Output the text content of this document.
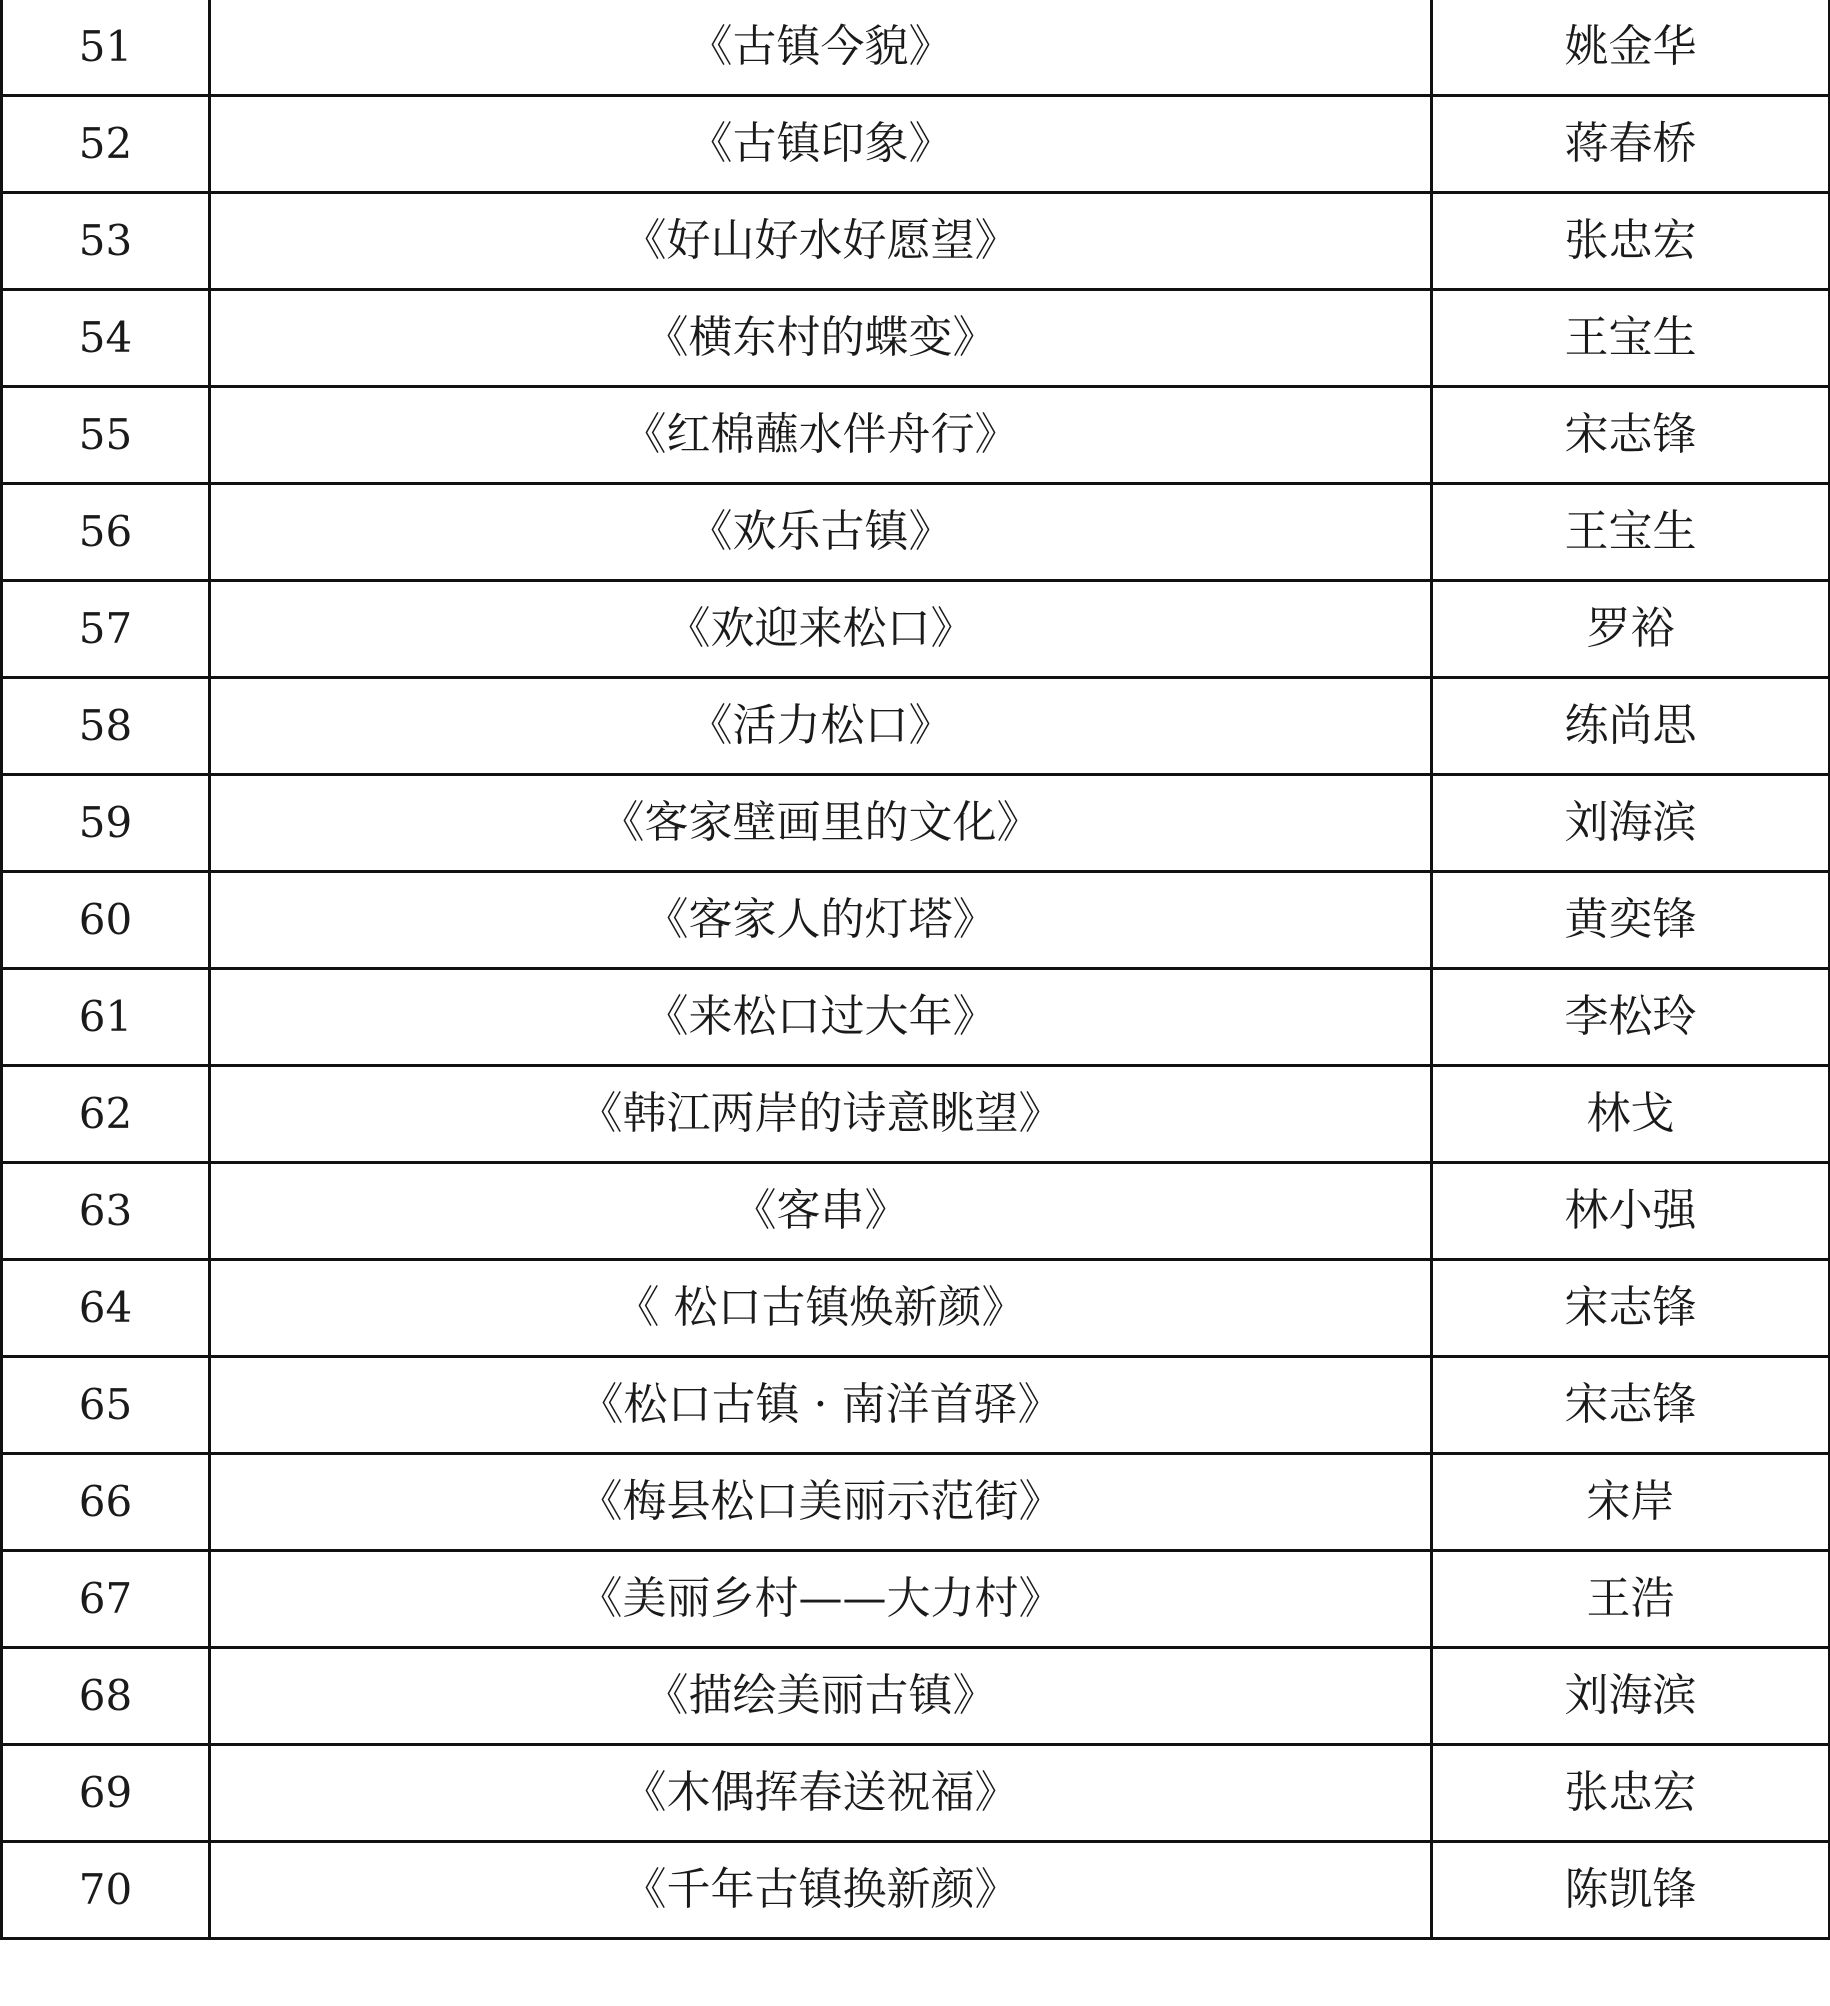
51	《古镇今貌》	姚金华
52	《古镇印象》	蒋春桥
53	《好山好水好愿望》	张忠宏
54	《横东村的蝶变》	王宝生
55	《红棉蘸水伴舟行》	宋志锋
56	《欢乐古镇》	王宝生
57	《欢迎来松口》	罗裕
58	《活力松口》	练尚思
59	《客家壁画里的文化》	刘海滨
60	《客家人的灯塔》	黄奕锋
61	《来松口过大年》	李松玲
62	《韩江两岸的诗意眺望》	林戈
63	《客串》	林小强
64	《 松口古镇焕新颜》	宋志锋
65	《松口古镇 · 南洋首驿》	宋志锋
66	《梅县松口美丽示范街》	宋岸
67	《美丽乡村——大力村》	王浩
68	《描绘美丽古镇》	刘海滨
69	《木偶挥春送祝福》	张忠宏
70	《千年古镇换新颜》	陈凯锋
